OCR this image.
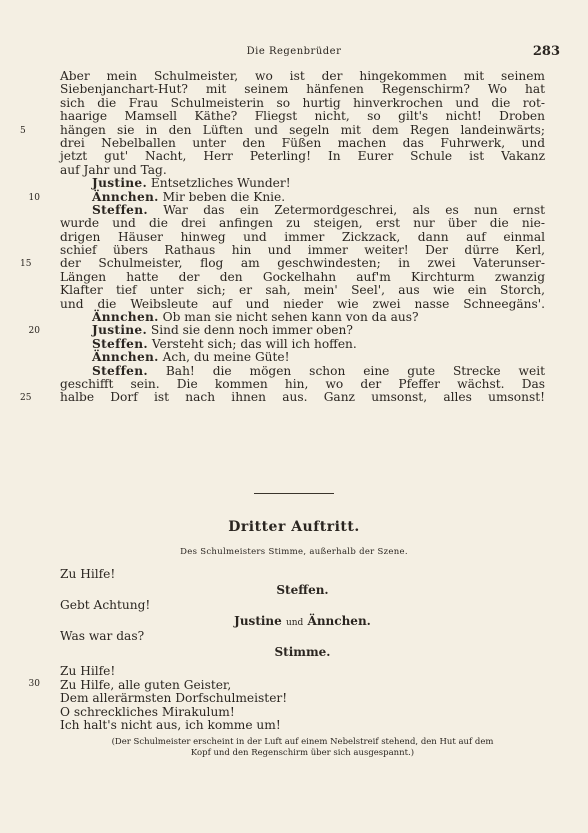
Die Regenbrüder	283
Aber mein Schulmeister, wo ist der hingekommen mit seinem
Siebenjanchart-Hut? mit seinem hänfenen Regenschirm? Wo hat
sich die Frau Schulmeisterin so hurtig hinverkrochen und die rot-
haarige Mamsell Käthe? Fliegst nicht, so gilt's nicht! Droben
5	hängen sie in den Lüften und segeln mit dem Regen landeinwärts;
drei Nebelballen unter den Füßen machen das Fuhrwerk, und
jetzt gut' Nacht, Herr Peterling! In Eurer Schule ist Vakanz
auf Jahr und Tag.
Justine. Entsetzliches Wunder!
10	Ännchen. Mir beben die Knie.
Steffen. War das ein Zetermordgeschrei, als es nun ernst
wurde und die drei anfingen zu steigen, erst nur über die nie-
drigen Häuser hinweg und immer Zickzack, dann auf einmal
schief übers Rathaus hin und immer weiter! Der dürre Kerl,
15	der Schulmeister, flog am geschwindesten; in zwei Vaterunser-
Längen hatte der den Gockelhahn auf'm Kirchturm zwanzig
Klafter tief unter sich; er sah, mein' Seel', aus wie ein Storch,
und die Weibsleute auf und nieder wie zwei nasse Schneegäns'.
Ännchen. Ob man sie nicht sehen kann von da aus?
20	Justine. Sind sie denn noch immer oben?
Steffen. Versteht sich; das will ich hoffen.
Ännchen. Ach, du meine Güte!
Steffen. Bah! die mögen schon eine gute Strecke weit
geschifft sein. Die kommen hin, wo der Pfeffer wächst. Das
25	halbe Dorf ist nach ihnen aus. Ganz umsonst, alles umsonst!
Dritter Auftritt.
Des Schulmeisters Stimme, außerhalb der Szene.
Zu Hilfe!
Steffen.
Gebt Achtung!
Justine und Ännchen.
Was war das?
Stimme.
Zu Hilfe!
30 Zu Hilfe, alle guten Geister,
Dem allerärmsten Dorfschulmeister!
O schreckliches Mirakulum!
Ich halt's nicht aus, ich komme um!
(Der Schulmeister erscheint in der Luft auf einem Nebelstreif stehend, den Hut auf dem
Kopf und den Regenschirm über sich ausgespannt.)
